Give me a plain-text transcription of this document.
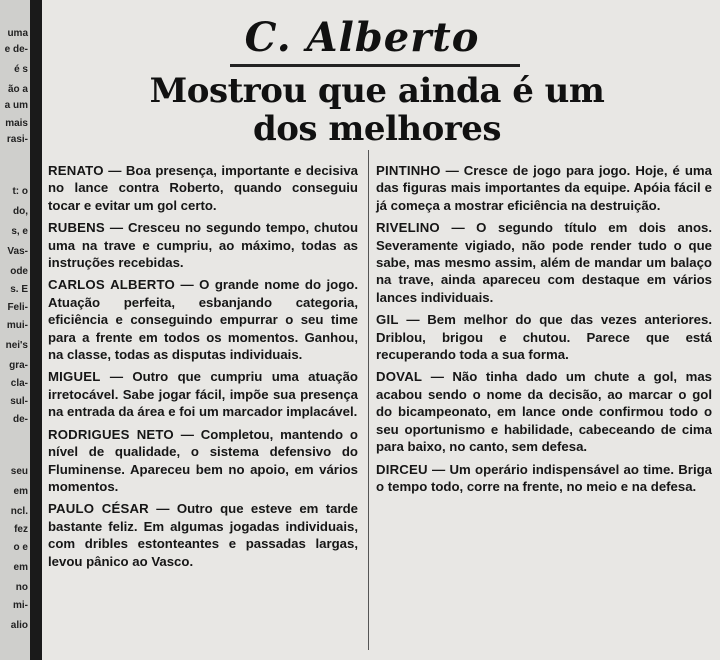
uma
e de-
é s
ão a
a um
mais
rasi-
t: o
do,
s, e
Vas-
ode
s. E
Feli-
mui-
nei's
gra-
cla-
sul-
de-
seu
em
ncl.
fez
o e
em
no
mi-
alio
C. Alberto
Mostrou que ainda é um
dos melhores

RENATO — Boa presença, importante e decisiva no lance contra Roberto, quando conseguiu tocar e evitar um gol certo.

RUBENS — Cresceu no segundo tempo, chutou uma na trave e cumpriu, ao máximo, todas as instruções recebidas.

CARLOS ALBERTO — O grande nome do jogo. Atuação perfeita, esbanjando categoria, eficiência e conseguindo empurrar o seu time para a frente em todos os momentos. Ganhou, na classe, todas as disputas individuais.

MIGUEL — Outro que cumpriu uma atuação irretocável. Sabe jogar fácil, impõe sua presença na entrada da área e foi um marcador implacável.

RODRIGUES NETO — Completou, mantendo o nível de qualidade, o sistema defensivo do Fluminense. Apareceu bem no apoio, em vários momentos.

PAULO CÉSAR — Outro que esteve em tarde bastante feliz. Em algumas jogadas individuais, com dribles estonteantes e passadas largas, levou pânico ao Vasco.

PINTINHO — Cresce de jogo para jogo. Hoje, é uma das figuras mais importantes da equipe. Apóia fácil e já começa a mostrar eficiência na destruição.

RIVELINO — O segundo título em dois anos. Severamente vigiado, não pode render tudo o que sabe, mas mesmo assim, além de mandar um balaço na trave, ainda apareceu com destaque em vários lances individuais.

GIL — Bem melhor do que das vezes anteriores. Driblou, brigou e chutou. Parece que está recuperando toda a sua forma.

DOVAL — Não tinha dado um chute a gol, mas acabou sendo o nome da decisão, ao marcar o gol do bicampeonato, em lance onde confirmou todo o seu oportunismo e habilidade, cabeceando de cima para baixo, no canto, sem defesa.

DIRCEU — Um operário indispensável ao time. Briga o tempo todo, corre na frente, no meio e na defesa.
